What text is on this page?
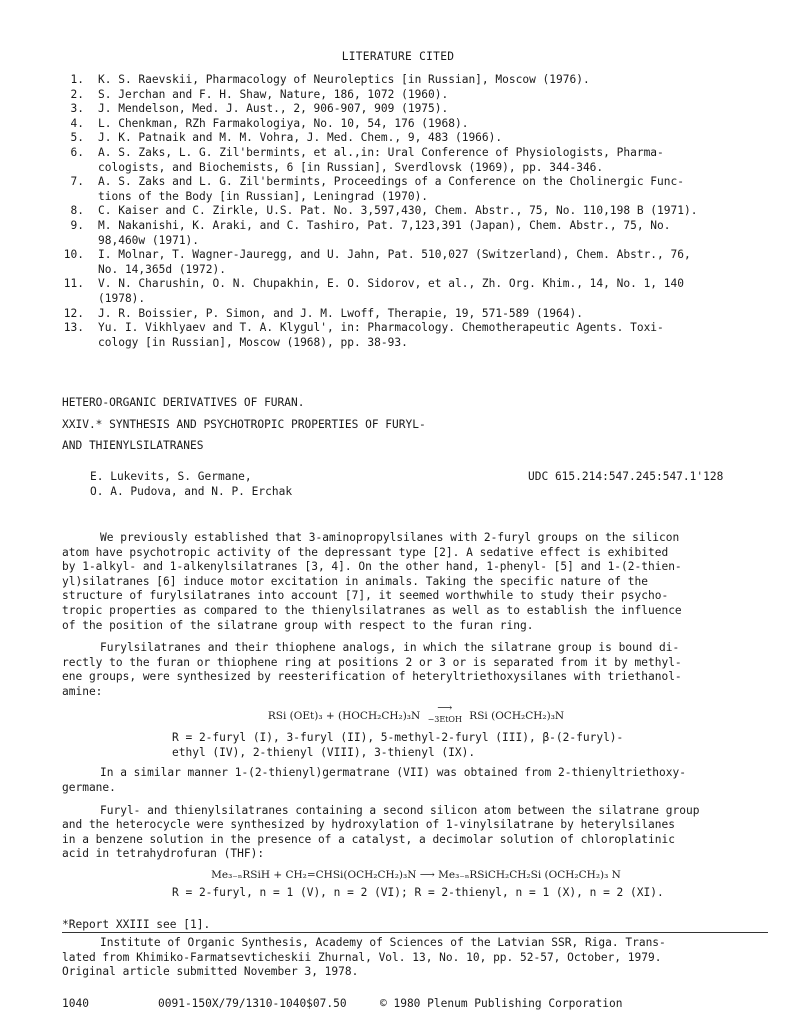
LITERATURE CITED
1. K. S. Raevskii, Pharmacology of Neuroleptics [in Russian], Moscow (1976).
2. S. Jerchan and F. H. Shaw, Nature, 186, 1072 (1960).
3. J. Mendelson, Med. J. Aust., 2, 906-907, 909 (1975).
4. L. Chenkman, RZh Farmakologiya, No. 10, 54, 176 (1968).
5. J. K. Patnaik and M. M. Vohra, J. Med. Chem., 9, 483 (1966).
6. A. S. Zaks, L. G. Zil'bermints, et al.,in: Ural Conference of Physiologists, Pharma-
cologists, and Biochemists, 6 [in Russian], Sverdlovsk (1969), pp. 344-346.
7. A. S. Zaks and L. G. Zil'bermints, Proceedings of a Conference on the Cholinergic Func-
tions of the Body [in Russian], Leningrad (1970).
8. C. Kaiser and C. Zirkle, U.S. Pat. No. 3,597,430, Chem. Abstr., 75, No. 110,198 B (1971).
9. M. Nakanishi, K. Araki, and C. Tashiro, Pat. 7,123,391 (Japan), Chem. Abstr., 75, No.
98,460w (1971).
10. I. Molnar, T. Wagner-Jauregg, and U. Jahn, Pat. 510,027 (Switzerland), Chem. Abstr., 76,
No. 14,365d (1972).
11. V. N. Charushin, O. N. Chupakhin, E. O. Sidorov, et al., Zh. Org. Khim., 14, No. 1, 140
(1978).
12. J. R. Boissier, P. Simon, and J. M. Lwoff, Therapie, 19, 571-589 (1964).
13. Yu. I. Vikhlyaev and T. A. Klygul', in: Pharmacology. Chemotherapeutic Agents. Toxi-
cology [in Russian], Moscow (1968), pp. 38-93.
HETERO-ORGANIC DERIVATIVES OF FURAN.
XXIV.* SYNTHESIS AND PSYCHOTROPIC PROPERTIES OF FURYL-
AND THIENYLSILATRANES
E. Lukevits, S. Germane,
O. A. Pudova, and N. P. Erchak
UDC 615.214:547.245:547.1'128
We previously established that 3-aminopropylsilanes with 2-furyl groups on the silicon
atom have psychotropic activity of the depressant type [2]. A sedative effect is exhibited
by 1-alkyl- and 1-alkenylsilatranes [3, 4]. On the other hand, 1-phenyl- [5] and 1-(2-thien-
yl)silatranes [6] induce motor excitation in animals. Taking the specific nature of the
structure of furylsilatranes into account [7], it seemed worthwhile to study their psycho-
tropic properties as compared to the thienylsilatranes as well as to establish the influence
of the position of the silatrane group with respect to the furan ring.
Furylsilatranes and their thiophene analogs, in which the silatrane group is bound di-
rectly to the furan or thiophene ring at positions 2 or 3 or is separated from it by methyl-
ene groups, were synthesized by reesterification of heteryltriethoxysilanes with triethanol-
amine:
RSi (OEt)₃ + (HOCH₂CH₂)₃N
⟶
−3EtOH RSi (OCH₂CH₂)₃N
R = 2-furyl (I), 3-furyl (II), 5-methyl-2-furyl (III), β-(2-furyl)-
ethyl (IV), 2-thienyl (VIII), 3-thienyl (IX).
In a similar manner 1-(2-thienyl)germatrane (VII) was obtained from 2-thienyltriethoxy-
germane.
Furyl- and thienylsilatranes containing a second silicon atom between the silatrane group
and the heterocycle were synthesized by hydroxylation of 1-vinylsilatrane by heterylsilanes
in a benzene solution in the presence of a catalyst, a decimolar solution of chloroplatinic
acid in tetrahydrofuran (THF):
Me₃₋ₙRSiH + CH₂=CHSi(OCH₂CH₂)₃N ⟶ Me₃₋ₙRSiCH₂CH₂Si (OCH₂CH₂)₃ N
R = 2-furyl, n = 1 (V), n = 2 (VI); R = 2-thienyl, n = 1 (X), n = 2 (XI).
*Report XXIII see [1].
Institute of Organic Synthesis, Academy of Sciences of the Latvian SSR, Riga. Trans-
lated from Khimiko-Farmatsevticheskii Zhurnal, Vol. 13, No. 10, pp. 52-57, October, 1979.
Original article submitted November 3, 1978.
1040	0091-150X/79/1310-1040$07.50	© 1980 Plenum Publishing Corporation
